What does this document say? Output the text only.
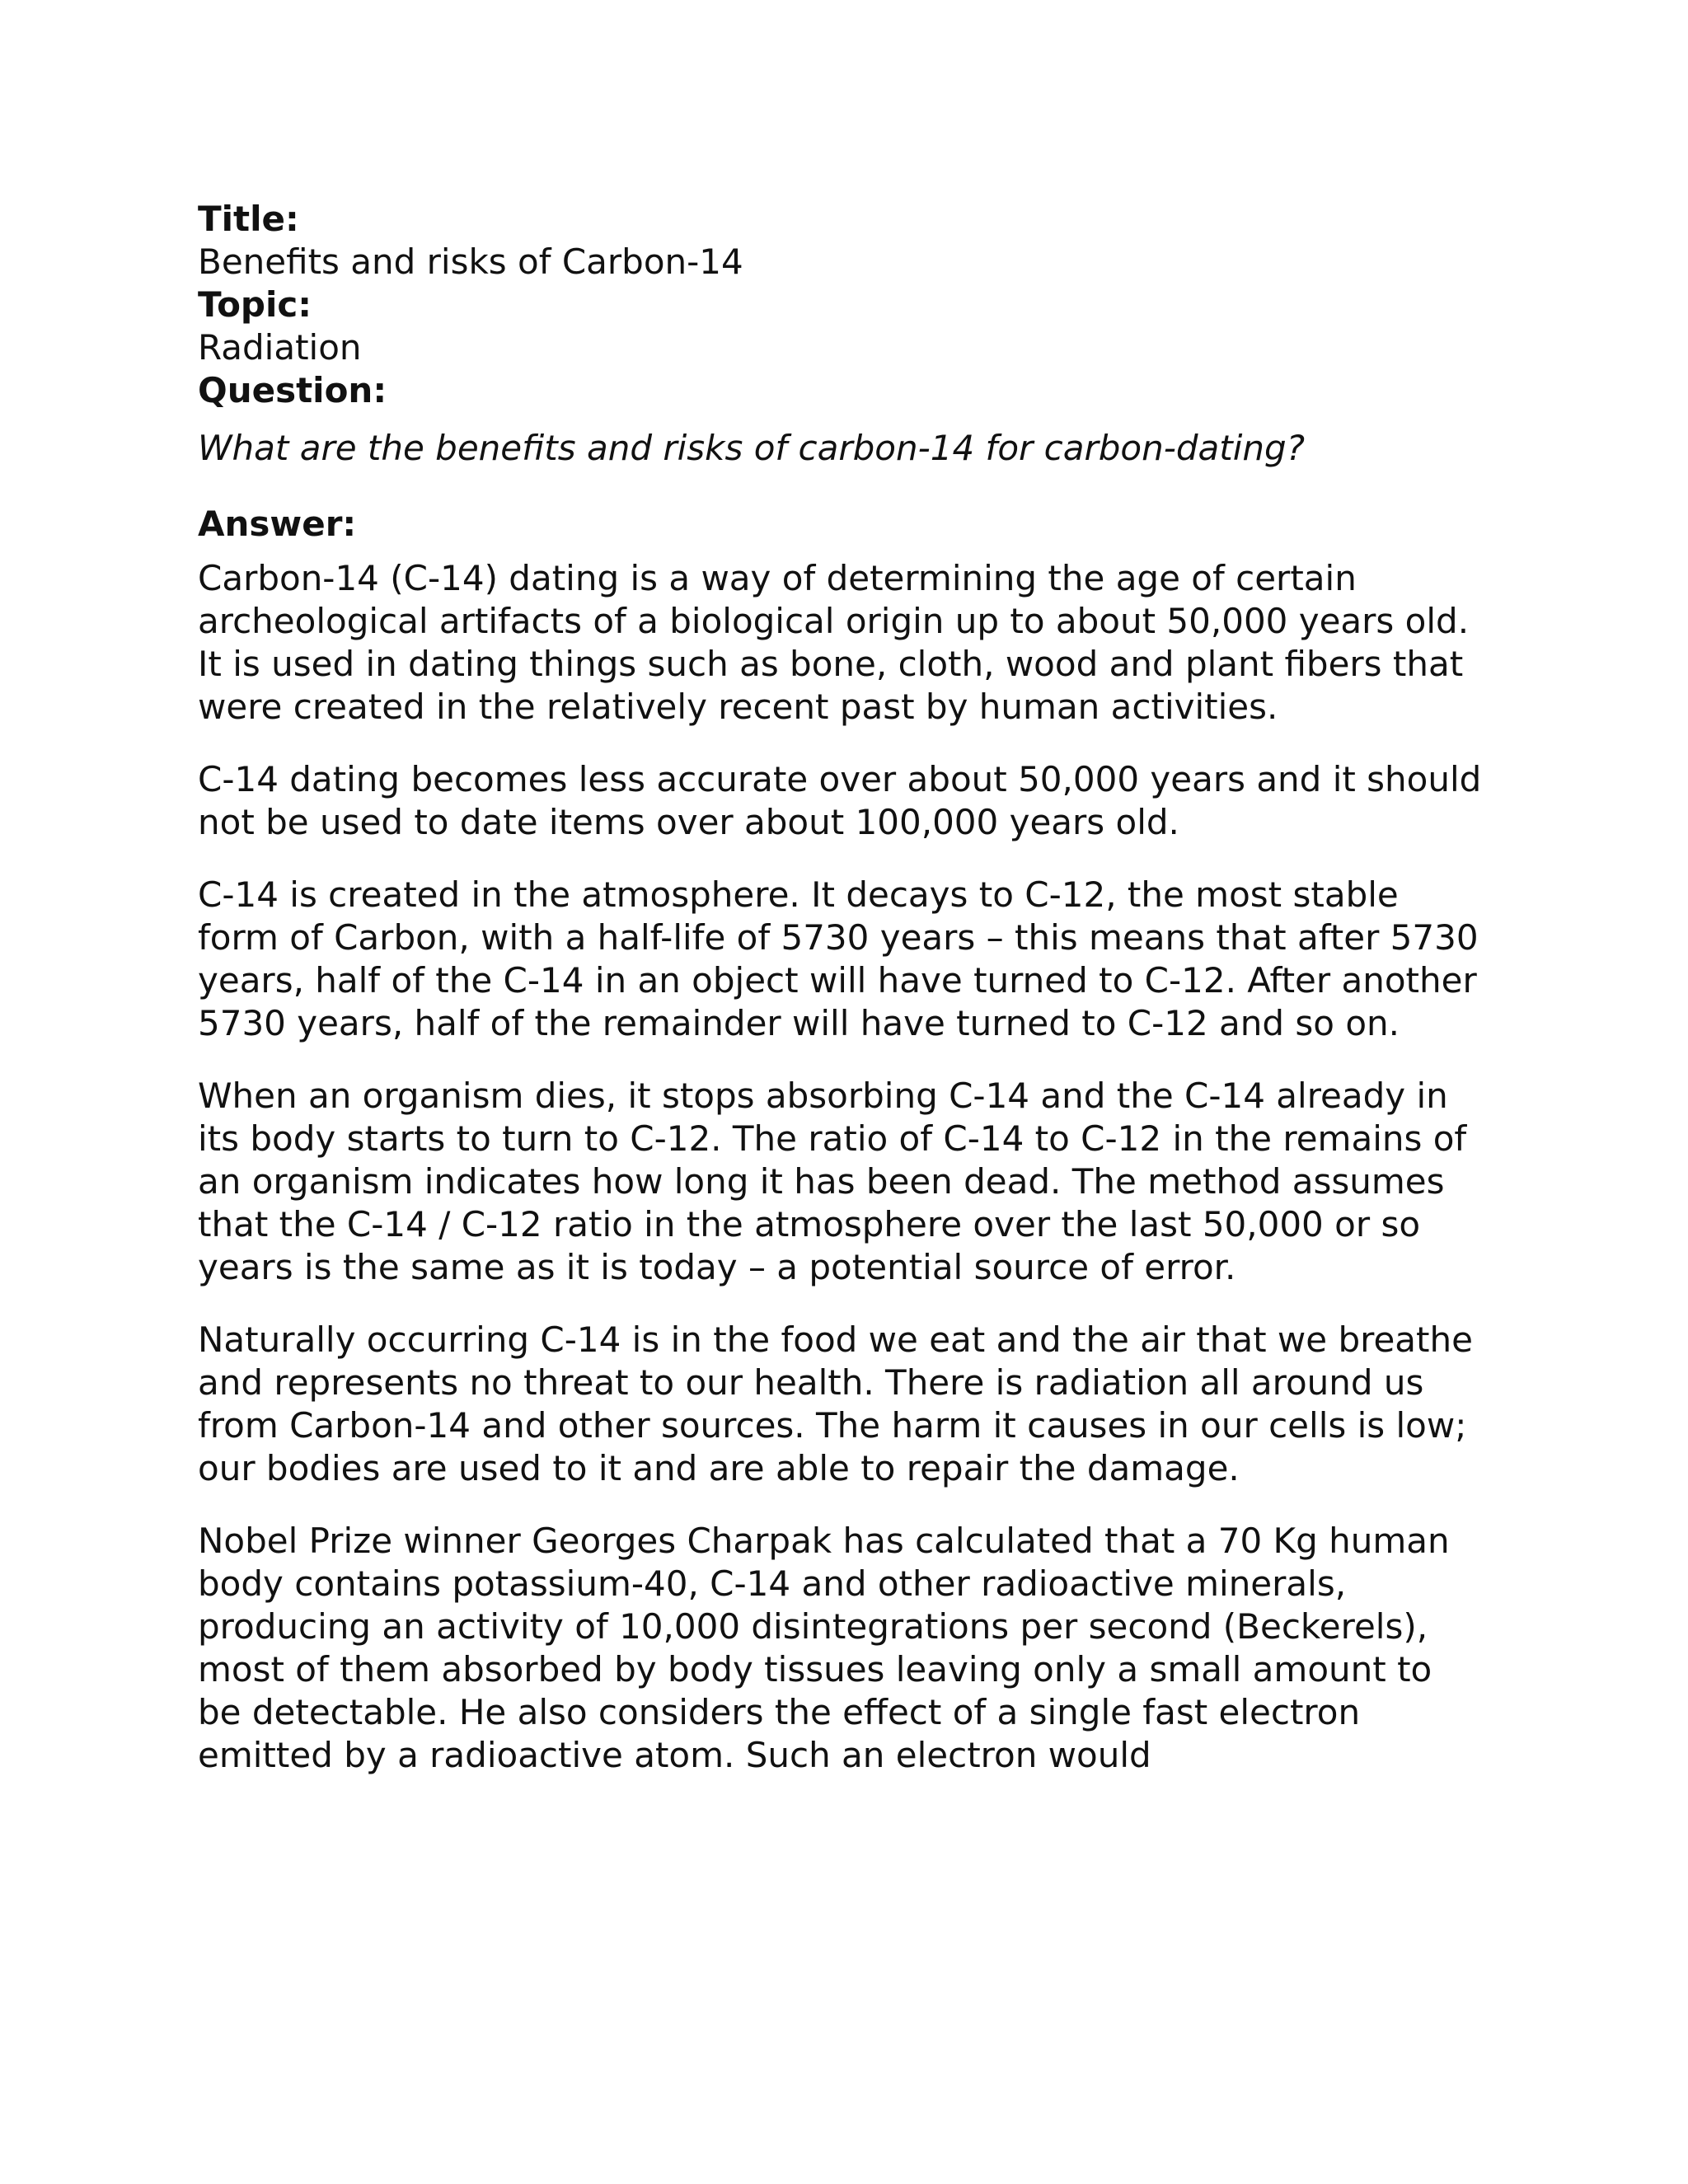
Title:

Benefits and risks of Carbon-14

Topic:

Radiation

Question:

What are the benefits and risks of carbon-14 for carbon-dating?

Answer:

Carbon-14 (C-14) dating is a way of determining the age of certain archeological artifacts of a biological origin up to about 50,000 years old. It is used in dating things such as bone, cloth, wood and plant fibers that were created in the relatively recent past by human activities.

C-14 dating becomes less accurate over about 50,000 years and it should not be used to date items over about 100,000 years old.

C-14 is created in the atmosphere. It decays to C-12, the most stable form of Carbon, with a half-life of 5730 years – this means that after 5730 years, half of the C-14 in an object will have turned to C-12. After another 5730 years, half of the remainder will have turned to C-12 and so on.

When an organism dies, it stops absorbing C-14 and the C-14 already in its body starts to turn to C-12. The ratio of C-14 to C-12 in the remains of an organism indicates how long it has been dead. The method assumes that the C-14 / C-12 ratio in the atmosphere over the last 50,000 or so years is the same as it is today – a potential source of error.

Naturally occurring C-14 is in the food we eat and the air that we breathe and represents no threat to our health. There is radiation all around us from Carbon-14 and other sources. The harm it causes in our cells is low; our bodies are used to it and are able to repair the damage.

Nobel Prize winner Georges Charpak has calculated that a 70 Kg human body contains potassium-40, C-14 and other radioactive minerals, producing an activity of 10,000 disintegrations per second (Beckerels), most of them absorbed by body tissues leaving only a small amount to be detectable. He also considers the effect of a single fast electron emitted by a radioactive atom. Such an electron would
